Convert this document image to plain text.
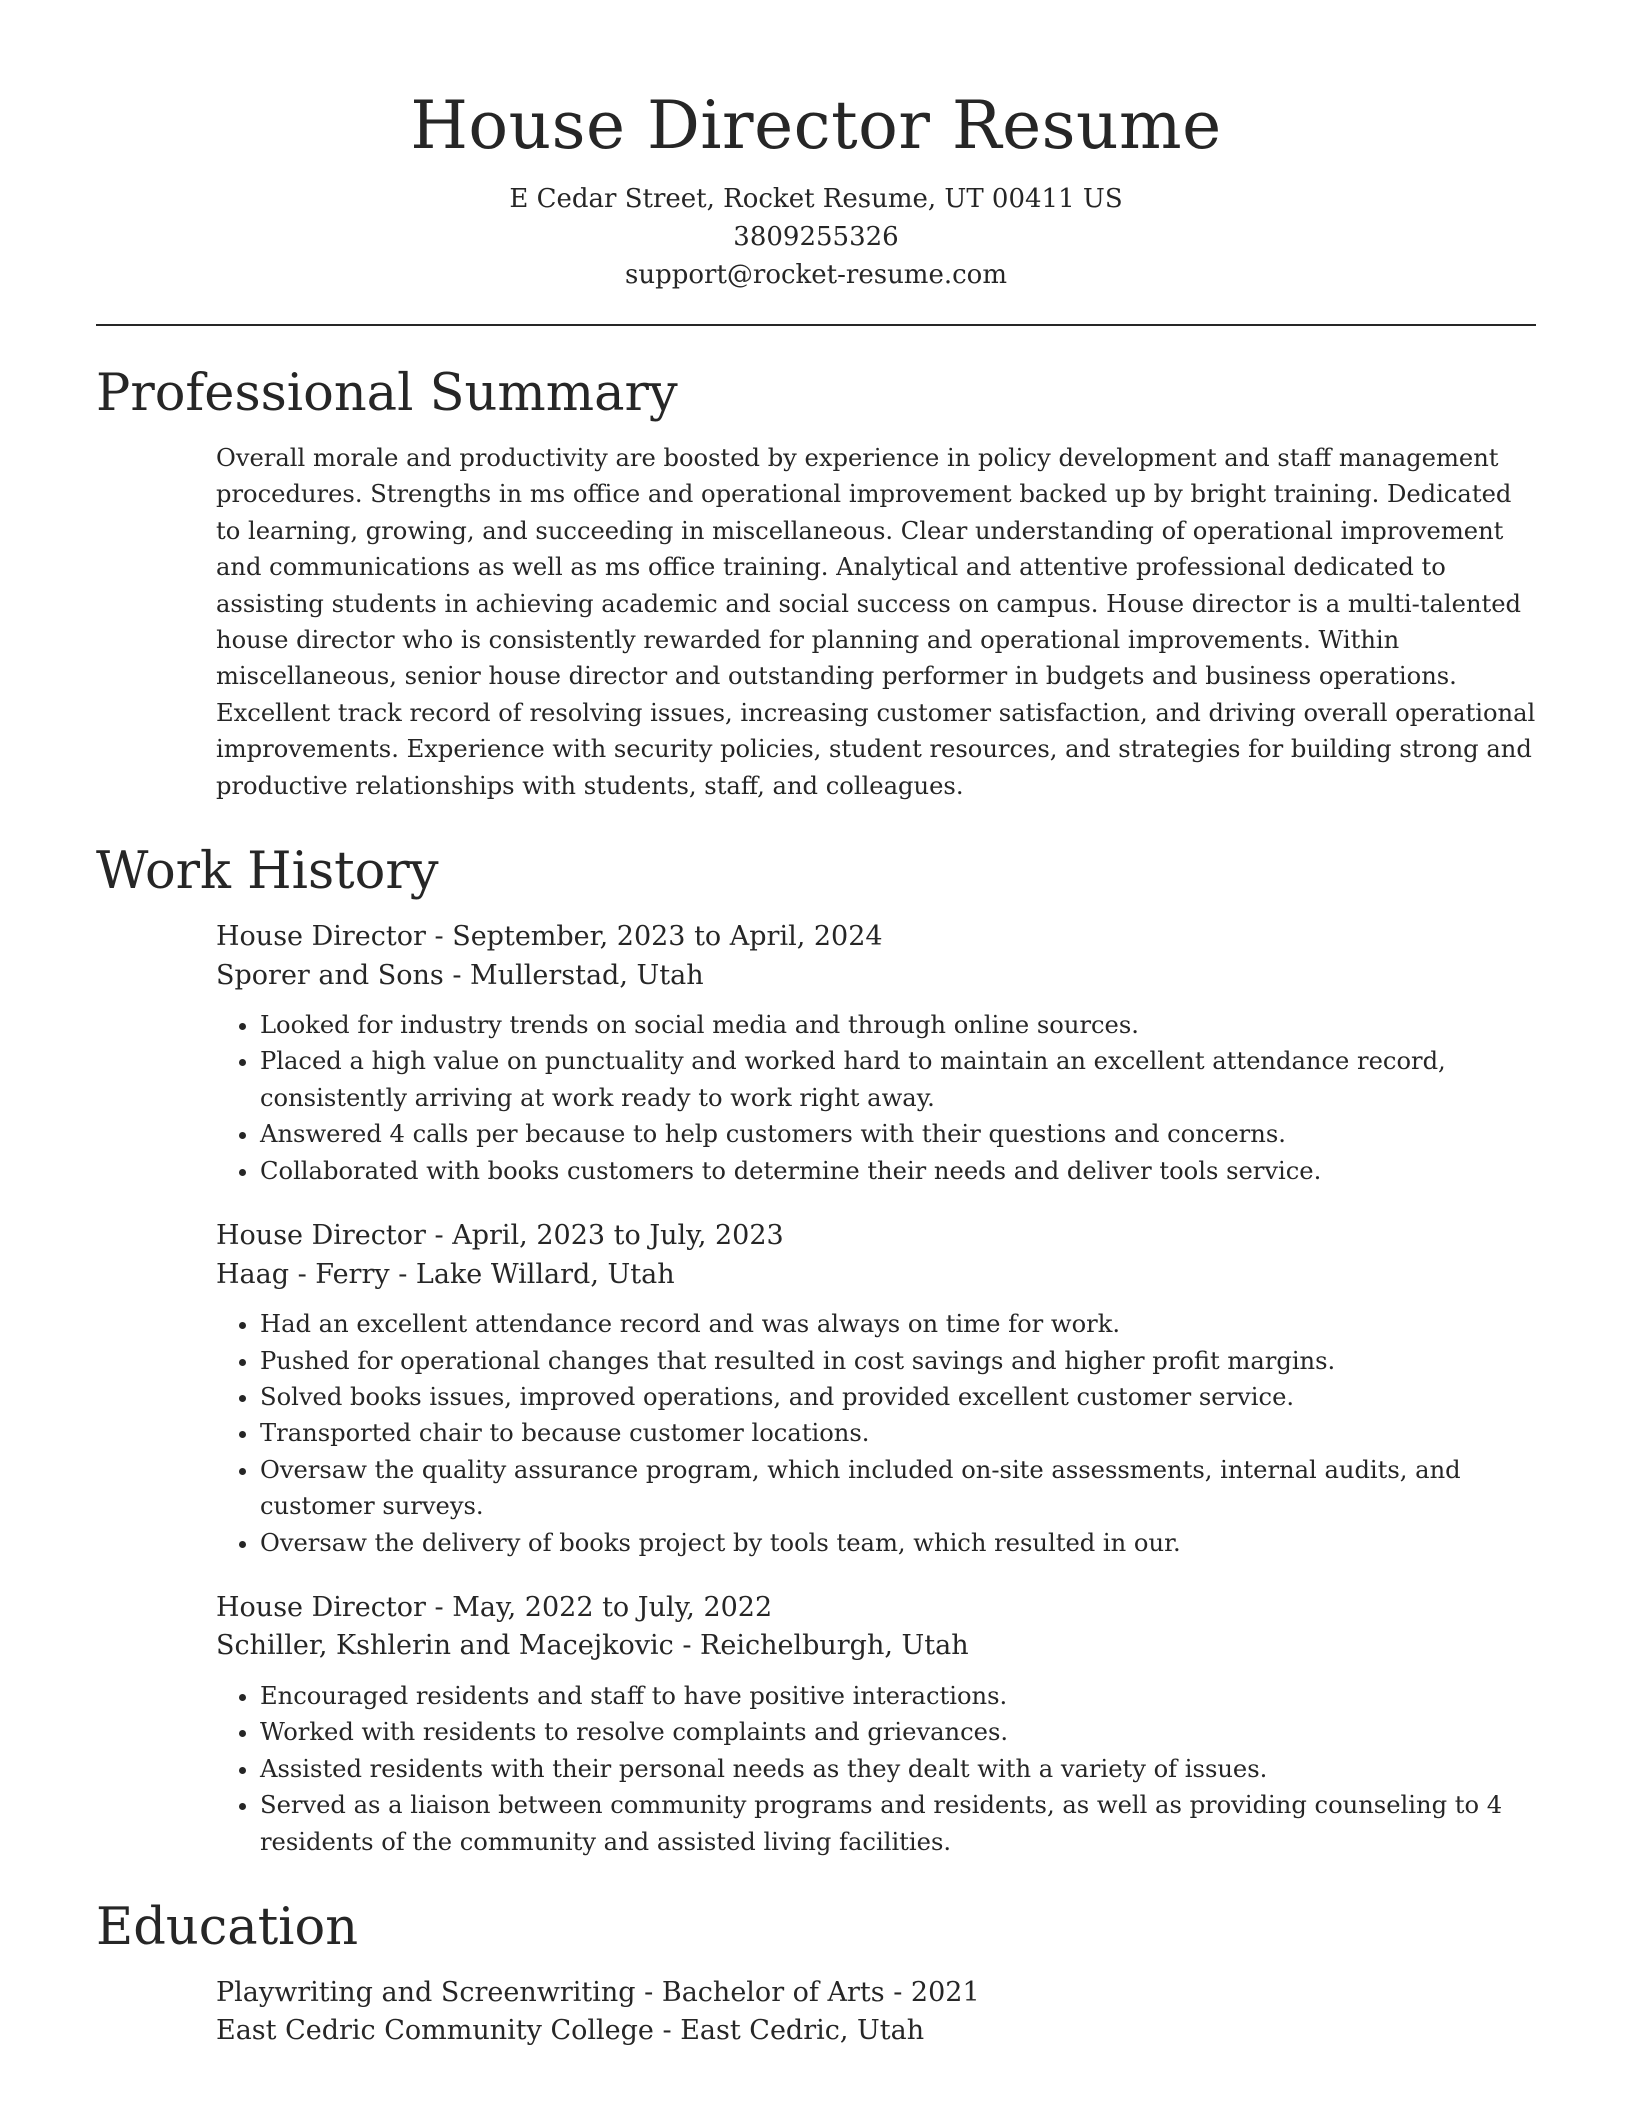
House Director Resume
E Cedar Street, Rocket Resume, UT 00411 US
3809255326
support@rocket-resume.com
Professional Summary

Overall morale and productivity are boosted by experience in policy development and staff management procedures. Strengths in ms office and operational improvement backed up by bright training. Dedicated to learning, growing, and succeeding in miscellaneous. Clear understanding of operational improvement and communications as well as ms office training. Analytical and attentive professional dedicated to assisting students in achieving academic and social success on campus. House director is a multi-talented house director who is consistently rewarded for planning and operational improvements. Within miscellaneous, senior house director and outstanding performer in budgets and business operations. Excellent track record of resolving issues, increasing customer satisfaction, and driving overall operational improvements. Experience with security policies, student resources, and strategies for building strong and productive relationships with students, staff, and colleagues.

Work History
House Director - September, 2023 to April, 2024
Sporer and Sons - Mullerstad, Utah
• Looked for industry trends on social media and through online sources.
• Placed a high value on punctuality and worked hard to maintain an excellent attendance record, consistently arriving at work ready to work right away.
• Answered 4 calls per because to help customers with their questions and concerns.
• Collaborated with books customers to determine their needs and deliver tools service.
House Director - April, 2023 to July, 2023
Haag - Ferry - Lake Willard, Utah
• Had an excellent attendance record and was always on time for work.
• Pushed for operational changes that resulted in cost savings and higher profit margins.
• Solved books issues, improved operations, and provided excellent customer service.
• Transported chair to because customer locations.
• Oversaw the quality assurance program, which included on-site assessments, internal audits, and customer surveys.
• Oversaw the delivery of books project by tools team, which resulted in our.
House Director - May, 2022 to July, 2022
Schiller, Kshlerin and Macejkovic - Reichelburgh, Utah
• Encouraged residents and staff to have positive interactions.
• Worked with residents to resolve complaints and grievances.
• Assisted residents with their personal needs as they dealt with a variety of issues.
• Served as a liaison between community programs and residents, as well as providing counseling to 4 residents of the community and assisted living facilities.
Education
Playwriting and Screenwriting - Bachelor of Arts - 2021
East Cedric Community College - East Cedric, Utah
